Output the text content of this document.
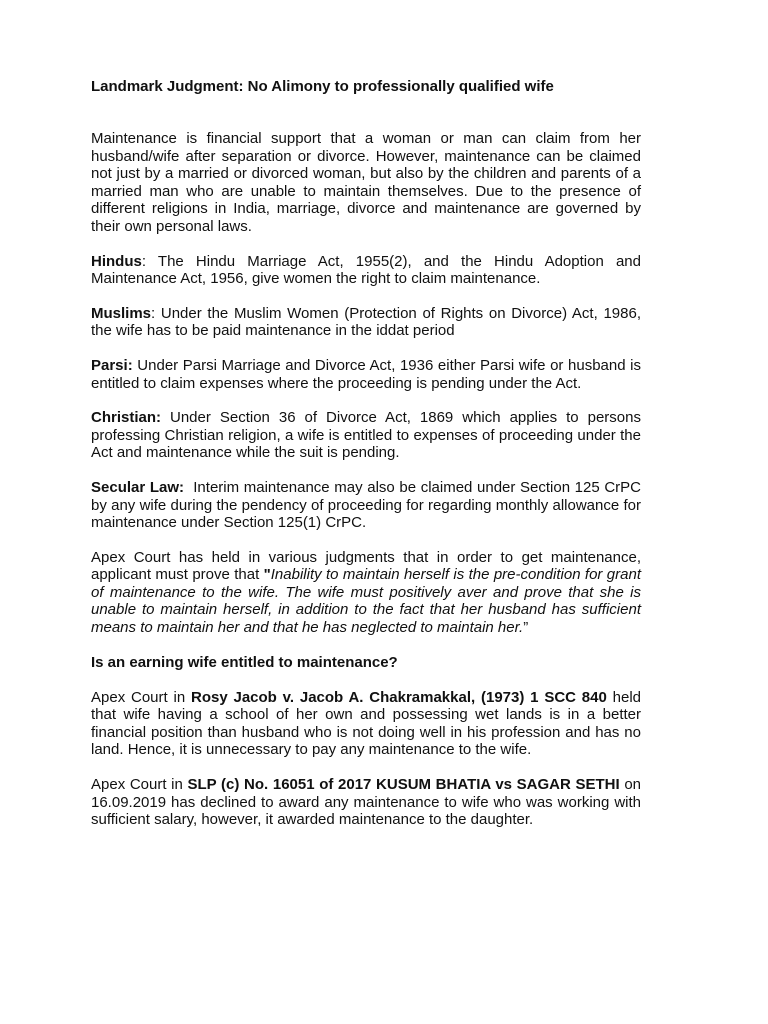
Landmark Judgment: No Alimony to professionally qualified wife

Maintenance is financial support that a woman or man can claim from her husband/wife after separation or divorce. However, maintenance can be claimed not just by a married or divorced woman, but also by the children and parents of a married man who are unable to maintain themselves. Due to the presence of different religions in India, marriage, divorce and maintenance are governed by their own personal laws.

Hindus: The Hindu Marriage Act, 1955(2), and the Hindu Adoption and Maintenance Act, 1956, give women the right to claim maintenance.

Muslims: Under the Muslim Women (Protection of Rights on Divorce) Act, 1986, the wife has to be paid maintenance in the iddat period

Parsi: Under Parsi Marriage and Divorce Act, 1936 either Parsi wife or husband is entitled to claim expenses where the proceeding is pending under the Act.

Christian: Under Section 36 of Divorce Act, 1869 which applies to persons professing Christian religion, a wife is entitled to expenses of proceeding under the Act and maintenance while the suit is pending.

Secular Law:  Interim maintenance may also be claimed under Section 125 CrPC by any wife during the pendency of proceeding for regarding monthly allowance for maintenance under Section 125(1) CrPC.

Apex Court has held in various judgments that in order to get maintenance, applicant must prove that "Inability to maintain herself is the pre-condition for grant of maintenance to the wife. The wife must positively aver and prove that she is unable to maintain herself, in addition to the fact that her husband has sufficient means to maintain her and that he has neglected to maintain her.”

Is an earning wife entitled to maintenance?

Apex Court in Rosy Jacob v. Jacob A. Chakramakkal, (1973) 1 SCC 840 held that wife having a school of her own and possessing wet lands is in a better financial position than husband who is not doing well in his profession and has no land. Hence, it is unnecessary to pay any maintenance to the wife.

Apex Court in SLP (c) No. 16051 of 2017 KUSUM BHATIA vs SAGAR SETHI on 16.09.2019 has declined to award any maintenance to wife who was working with sufficient salary, however, it awarded maintenance to the daughter.
